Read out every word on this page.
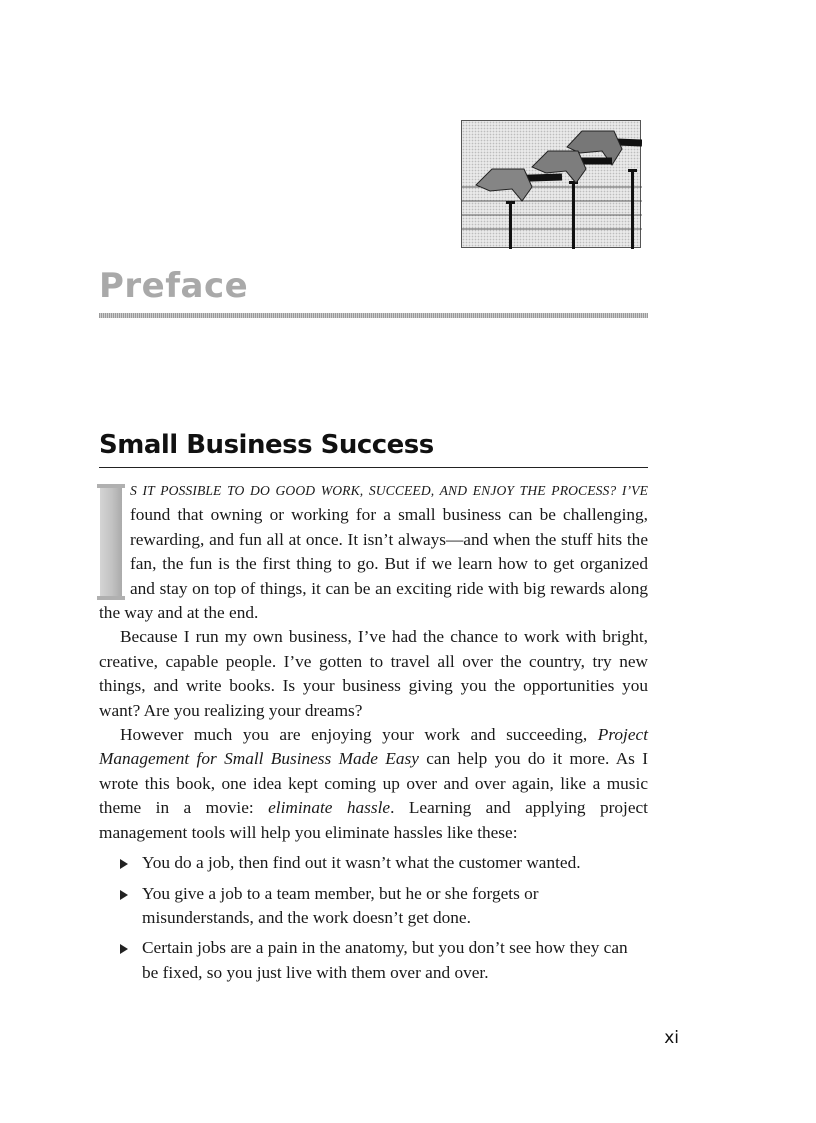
Preface
Small Business Success

S IT POSSIBLE TO DO GOOD WORK, SUCCEED, AND ENJOY THE PROCESS? I’VE found that owning or working for a small business can be challenging, rewarding, and fun all at once. It isn’t always—and when the stuff hits the fan, the fun is the first thing to go. But if we learn how to get organized and stay on top of things, it can be an exciting ride with big rewards along the way and at the end.

Because I run my own business, I’ve had the chance to work with bright, creative, capable people. I’ve gotten to travel all over the country, try new things, and write books. Is your business giving you the opportunities you want? Are you realizing your dreams?

However much you are enjoying your work and succeeding, Project Management for Small Business Made Easy can help you do it more. As I wrote this book, one idea kept coming up over and over again, like a music theme in a movie: eliminate hassle. Learning and applying project management tools will help you eliminate hassles like these:

You do a job, then find out it wasn’t what the customer wanted.
You give a job to a team member, but he or she forgets or misunderstands, and the work doesn’t get done.
Certain jobs are a pain in the anatomy, but you don’t see how they can be fixed, so you just live with them over and over.
xi
